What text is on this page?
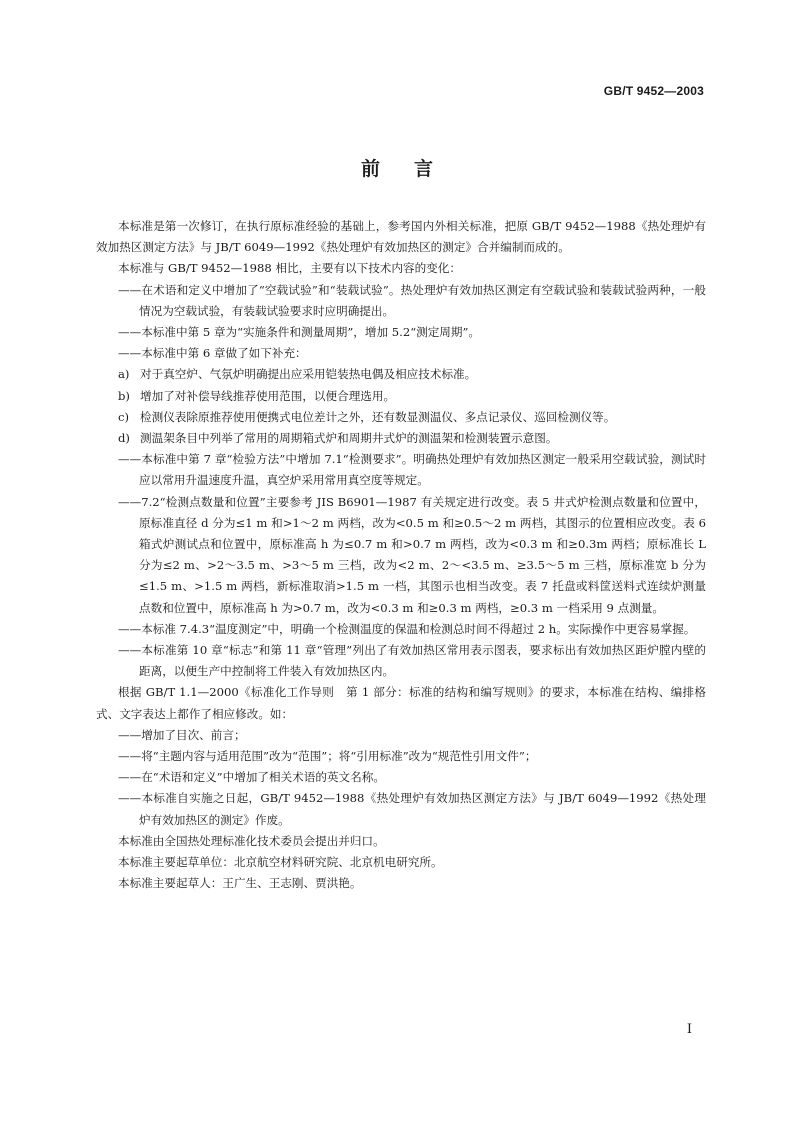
GB/T 9452—2003
前言

本标准是第一次修订，在执行原标准经验的基础上，参考国内外相关标准，把原 GB/T 9452—1988《热处理炉有效加热区测定方法》与 JB/T 6049—1992《热处理炉有效加热区的测定》合并编制而成的。

本标准与 GB/T 9452—1988 相比，主要有以下技术内容的变化：

——在术语和定义中增加了“空载试验”和“装载试验”。热处理炉有效加热区测定有空载试验和装载试验两种，一般情况为空载试验，有装载试验要求时应明确提出。

——本标准中第 5 章为“实施条件和测量周期”，增加 5.2“测定周期”。

——本标准中第 6 章做了如下补充：

a) 对于真空炉、气氛炉明确提出应采用铠装热电偶及相应技术标准。

b) 增加了对补偿导线推荐使用范围，以便合理选用。

c) 检测仪表除原推荐使用便携式电位差计之外，还有数显测温仪、多点记录仪、巡回检测仪等。

d) 测温架条目中列举了常用的周期箱式炉和周期井式炉的测温架和检测装置示意图。

——本标准中第 7 章“检验方法”中增加 7.1“检测要求”。明确热处理炉有效加热区测定一般采用空载试验，测试时应以常用升温速度升温，真空炉采用常用真空度等规定。

——7.2“检测点数量和位置”主要参考 JIS B6901—1987 有关规定进行改变。表 5 井式炉检测点数量和位置中，原标准直径 d 分为≤1 m 和>1～2 m 两档，改为<0.5 m 和≥0.5～2 m 两档，其图示的位置相应改变。表 6 箱式炉测试点和位置中，原标准高 h 为≤0.7 m 和>0.7 m 两档，改为<0.3 m 和≥0.3m 两档；原标准长 L 分为≤2 m、>2～3.5 m、>3～5 m 三档，改为<2 m、2～<3.5 m、≥3.5～5 m 三档，原标准宽 b 分为≤1.5 m、>1.5 m 两档，新标准取消>1.5 m 一档，其图示也相当改变。表 7 托盘或料筐送料式连续炉测量点数和位置中，原标准高 h 为>0.7 m，改为<0.3 m 和≥0.3 m 两档，≥0.3 m 一档采用 9 点测量。

——本标准 7.4.3“温度测定”中，明确一个检测温度的保温和检测总时间不得超过 2 h。实际操作中更容易掌握。

——本标准第 10 章“标志”和第 11 章“管理”列出了有效加热区常用表示图表，要求标出有效加热区距炉膛内壁的距离，以便生产中控制将工件装入有效加热区内。

根据 GB/T 1.1—2000《标准化工作导则　第 1 部分：标准的结构和编写规则》的要求，本标准在结构、编排格式、文字表达上都作了相应修改。如：

——增加了目次、前言；

——将“主题内容与适用范围”改为“范围”；将“引用标准”改为“规范性引用文件”；

——在“术语和定义”中增加了相关术语的英文名称。

——本标准自实施之日起，GB/T 9452—1988《热处理炉有效加热区测定方法》与 JB/T 6049—1992《热处理炉有效加热区的测定》作废。

本标准由全国热处理标准化技术委员会提出并归口。

本标准主要起草单位：北京航空材料研究院、北京机电研究所。

本标准主要起草人：王广生、王志刚、贾洪艳。

I
